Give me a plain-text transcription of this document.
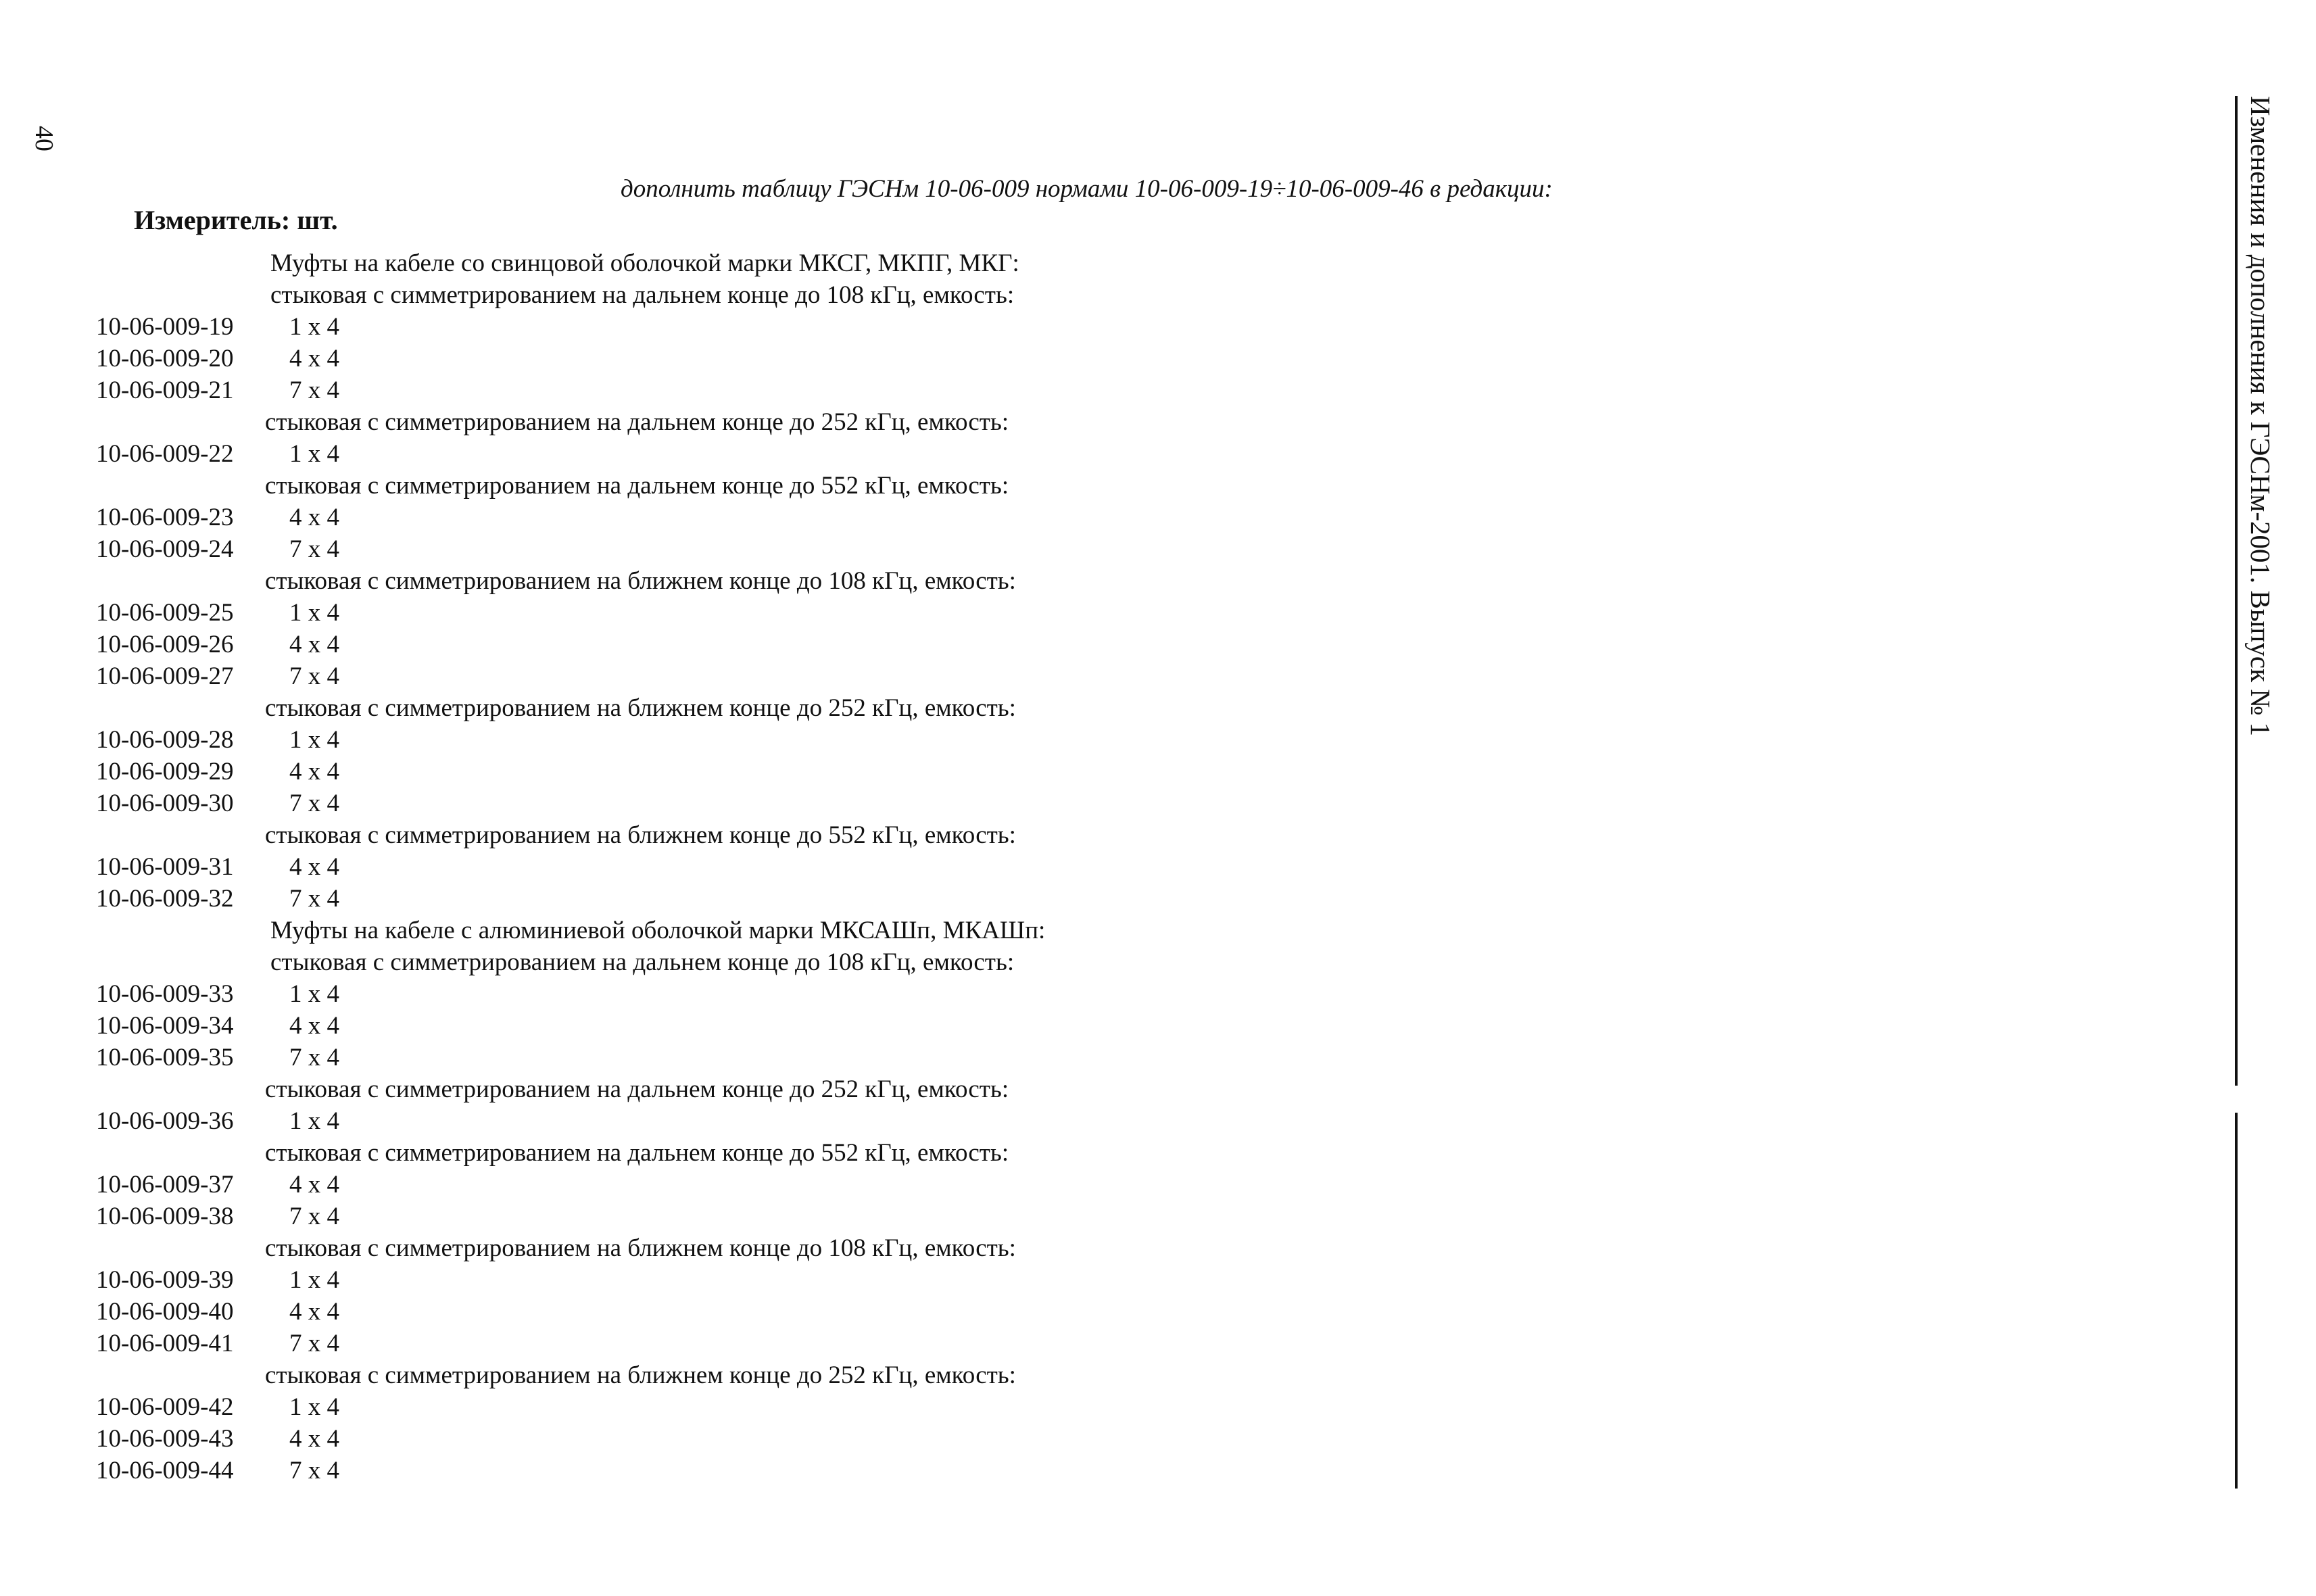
40
дополнить таблицу ГЭСНм 10-06-009 нормами 10-06-009-19÷10-06-009-46 в редакции:
Измеритель: шт.
Муфты на кабеле со свинцовой оболочкой марки МКСГ, МКПГ, МКГ:
стыковая с симметрированием на дальнем конце до 108 кГц, емкость:
10-06-009-19 1 х 4
10-06-009-20 4 х 4
10-06-009-21 7 х 4
стыковая с симметрированием на дальнем конце до 252 кГц, емкость:
10-06-009-22 1 х 4
стыковая с симметрированием на дальнем конце до 552 кГц, емкость:
10-06-009-23 4 х 4
10-06-009-24 7 х 4
стыковая с симметрированием на ближнем конце до 108 кГц, емкость:
10-06-009-25 1 х 4
10-06-009-26 4 х 4
10-06-009-27 7 х 4
стыковая с симметрированием на ближнем конце до 252 кГц, емкость:
10-06-009-28 1 х 4
10-06-009-29 4 х 4
10-06-009-30 7 х 4
стыковая с симметрированием на ближнем конце до 552 кГц, емкость:
10-06-009-31 4 х 4
10-06-009-32 7 х 4
Муфты на кабеле с алюминиевой оболочкой марки МКСАШп, МКАШп:
стыковая с симметрированием на дальнем конце до 108 кГц, емкость:
10-06-009-33 1 х 4
10-06-009-34 4 х 4
10-06-009-35 7 х 4
стыковая с симметрированием на дальнем конце до 252 кГц, емкость:
10-06-009-36 1 х 4
стыковая с симметрированием на дальнем конце до 552 кГц, емкость:
10-06-009-37 4 х 4
10-06-009-38 7 х 4
стыковая с симметрированием на ближнем конце до 108 кГц, емкость:
10-06-009-39 1 х 4
10-06-009-40 4 х 4
10-06-009-41 7 х 4
стыковая с симметрированием на ближнем конце до 252 кГц, емкость:
10-06-009-42 1 х 4
10-06-009-43 4 х 4
10-06-009-44 7 х 4
Изменения и дополнения к ГЭСНм-2001. Выпуск № 1
